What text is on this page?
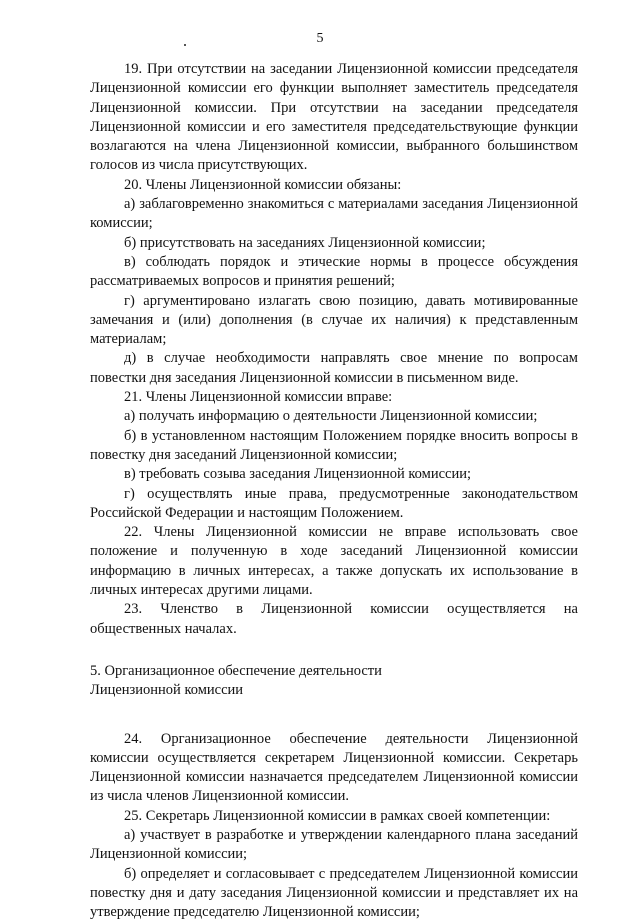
5

19. При отсутствии на заседании Лицензионной комиссии председателя Лицензионной комиссии его функции выполняет заместитель председателя Лицензионной комиссии. При отсутствии на заседании председателя Лицензионной комиссии и его заместителя председательствующие функции возлагаются на члена Лицензионной комиссии, выбранного большинством голосов из числа присутствующих.

20. Члены Лицензионной комиссии обязаны:

а) заблаговременно знакомиться с материалами заседания Лицензионной комиссии;

б) присутствовать на заседаниях Лицензионной комиссии;

в) соблюдать порядок и этические нормы в процессе обсуждения рассматриваемых вопросов и принятия решений;

г) аргументировано излагать свою позицию, давать мотивированные замечания и (или) дополнения (в случае их наличия) к представленным материалам;

д) в случае необходимости направлять свое мнение по вопросам повестки дня заседания Лицензионной комиссии в письменном виде.

21. Члены Лицензионной комиссии вправе:

а) получать информацию о деятельности Лицензионной комиссии;

б) в установленном настоящим Положением порядке вносить вопросы в повестку дня заседаний Лицензионной комиссии;

в) требовать созыва заседания Лицензионной комиссии;

г) осуществлять иные права, предусмотренные законодательством Российской Федерации и настоящим Положением.

22. Члены Лицензионной комиссии не вправе использовать свое положение и полученную в ходе заседаний Лицензионной комиссии информацию в личных интересах, а также допускать их использование в личных интересах другими лицами.

23. Членство в Лицензионной комиссии осуществляется на общественных началах.

5. Организационное обеспечение деятельности
Лицензионной комиссии

24. Организационное обеспечение деятельности Лицензионной комиссии осуществляется секретарем Лицензионной комиссии. Секретарь Лицензионной комиссии назначается председателем Лицензионной комиссии из числа членов Лицензионной комиссии.

25. Секретарь Лицензионной комиссии в рамках своей компетенции:

а) участвует в разработке и утверждении календарного плана заседаний Лицензионной комиссии;

б) определяет и согласовывает с председателем Лицензионной комиссии повестку дня и дату заседания Лицензионной комиссии и представляет их на утверждение председателю Лицензионной комиссии;
